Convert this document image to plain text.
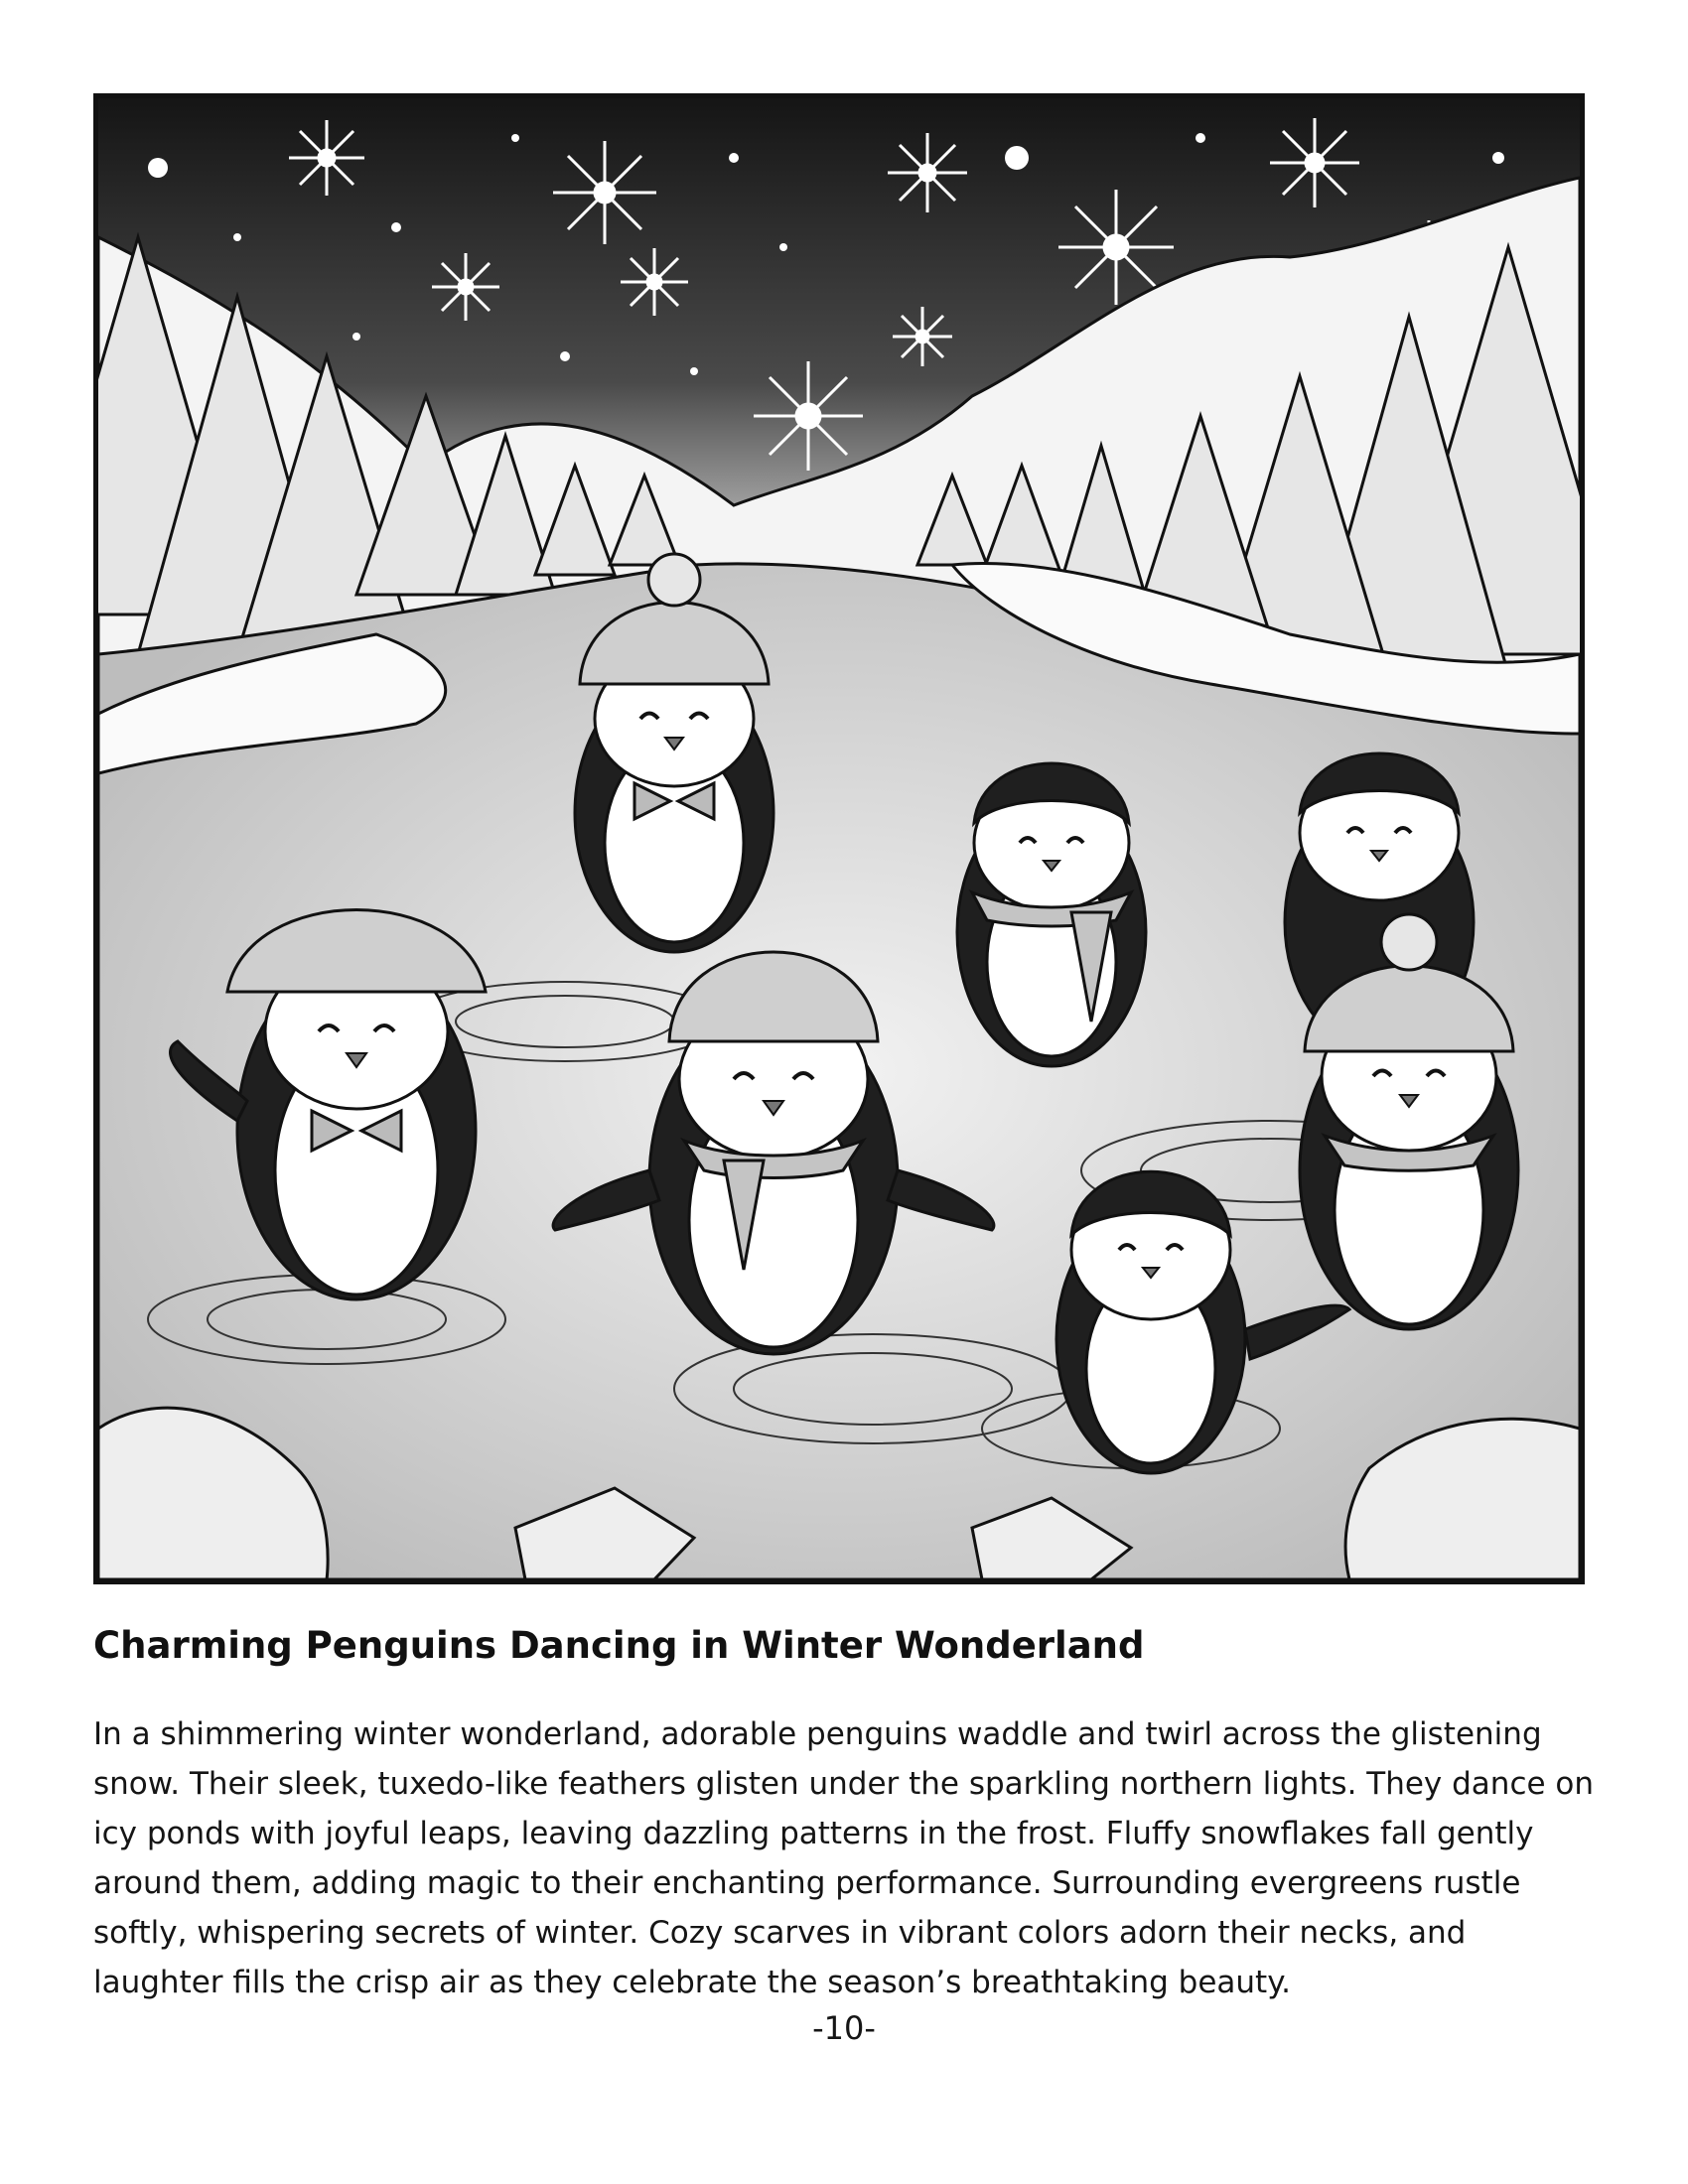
Charming Penguins Dancing in Winter Wonderland

In a shimmering winter wonderland, adorable penguins waddle and twirl across the glistening snow. Their sleek, tuxedo-like feathers glisten under the sparkling northern lights. They dance on icy ponds with joyful leaps, leaving dazzling patterns in the frost. Fluffy snowflakes fall gently around them, adding magic to their enchanting performance. Surrounding evergreens rustle softly, whispering secrets of winter. Cozy scarves in vibrant colors adorn their necks, and laughter fills the crisp air as they celebrate the season’s breathtaking beauty.

-10-
